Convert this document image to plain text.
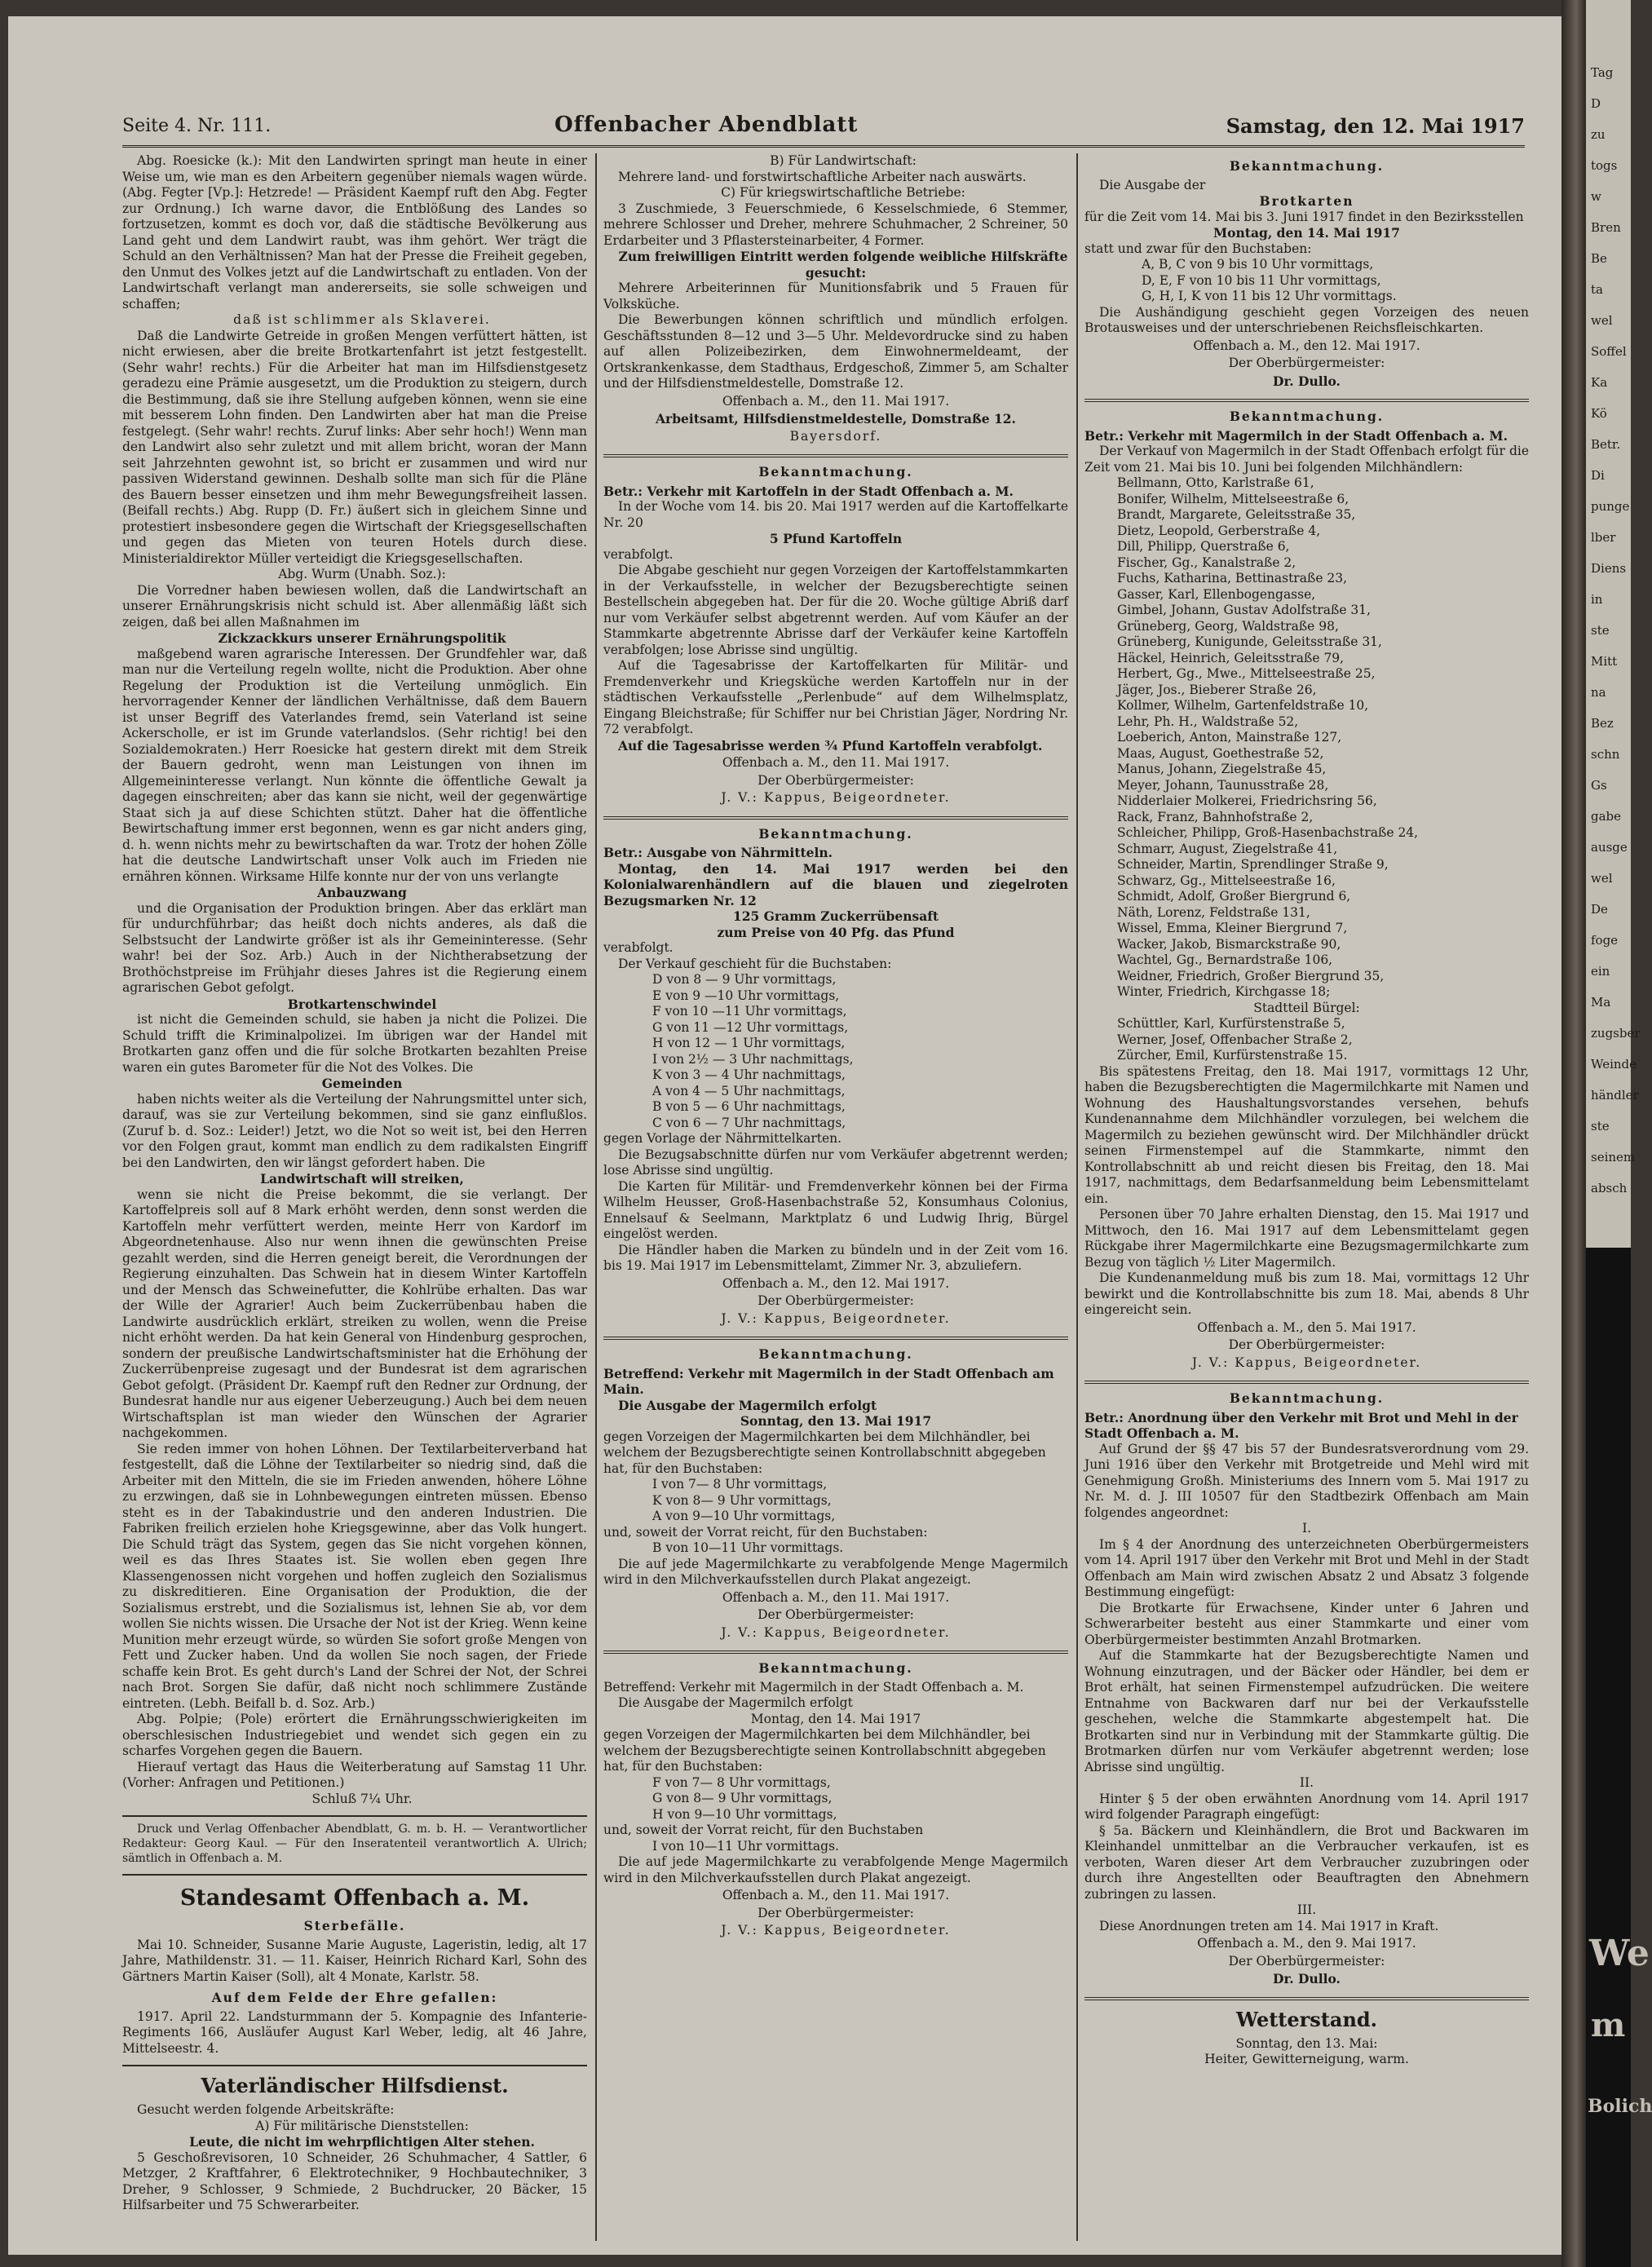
Seite 4. Nr. 111.	Offenbacher Abendblatt	Samstag, den 12. Mai 1917

Abg. Roesicke (k.): Mit den Landwirten springt man heute in einer Weise um, wie man es den Arbeitern gegenüber niemals wagen würde. (Abg. Fegter [Vp.]: Hetzrede! — Präsident Kaempf ruft den Abg. Fegter zur Ordnung.) Ich warne davor, die Entblößung des Landes so fortzusetzen, kommt es doch vor, daß die städtische Bevölkerung aus Land geht und dem Landwirt raubt, was ihm gehört. Wer trägt die Schuld an den Verhältnissen? Man hat der Presse die Freiheit gegeben, den Unmut des Volkes jetzt auf die Landwirtschaft zu entladen. Von der Landwirtschaft verlangt man andererseits, sie solle schweigen und schaffen;

daß ist schlimmer als Sklaverei.

Daß die Landwirte Getreide in großen Mengen verfüttert hätten, ist nicht erwiesen, aber die breite Brotkartenfahrt ist jetzt festgestellt. (Sehr wahr! rechts.) Für die Arbeiter hat man im Hilfsdienstgesetz geradezu eine Prämie ausgesetzt, um die Produktion zu steigern, durch die Bestimmung, daß sie ihre Stellung aufgeben können, wenn sie eine mit besserem Lohn finden. Den Landwirten aber hat man die Preise festgelegt. (Sehr wahr! rechts. Zuruf links: Aber sehr hoch!) Wenn man den Landwirt also sehr zuletzt und mit allem bricht, woran der Mann seit Jahrzehnten gewohnt ist, so bricht er zusammen und wird nur passiven Widerstand gewinnen. Deshalb sollte man sich für die Pläne des Bauern besser einsetzen und ihm mehr Bewegungsfreiheit lassen. (Beifall rechts.) Abg. Rupp (D. Fr.) äußert sich in gleichem Sinne und protestiert insbesondere gegen die Wirtschaft der Kriegsgesellschaften und gegen das Mieten von teuren Hotels durch diese. Ministerialdirektor Müller verteidigt die Kriegsgesellschaften.

Abg. Wurm (Unabh. Soz.):

Die Vorredner haben bewiesen wollen, daß die Landwirtschaft an unserer Ernährungskrisis nicht schuld ist. Aber allenmäßig läßt sich zeigen, daß bei allen Maßnahmen im

Zickzackkurs unserer Ernährungspolitik

maßgebend waren agrarische Interessen. Der Grundfehler war, daß man nur die Verteilung regeln wollte, nicht die Produktion. Aber ohne Regelung der Produktion ist die Verteilung unmöglich. Ein hervorragender Kenner der ländlichen Verhältnisse, daß dem Bauern ist unser Begriff des Vaterlandes fremd, sein Vaterland ist seine Ackerscholle, er ist im Grunde vaterlandslos. (Sehr richtig! bei den Sozialdemokraten.) Herr Roesicke hat gestern direkt mit dem Streik der Bauern gedroht, wenn man Leistungen von ihnen im Allgemeininteresse verlangt. Nun könnte die öffentliche Gewalt ja dagegen einschreiten; aber das kann sie nicht, weil der gegenwärtige Staat sich ja auf diese Schichten stützt. Daher hat die öffentliche Bewirtschaftung immer erst begonnen, wenn es gar nicht anders ging, d. h. wenn nichts mehr zu bewirtschaften da war. Trotz der hohen Zölle hat die deutsche Landwirtschaft unser Volk auch im Frieden nie ernähren können. Wirksame Hilfe konnte nur der von uns verlangte

Anbauzwang

und die Organisation der Produktion bringen. Aber das erklärt man für undurchführbar; das heißt doch nichts anderes, als daß die Selbstsucht der Landwirte größer ist als ihr Gemeininteresse. (Sehr wahr! bei der Soz. Arb.) Auch in der Nichtherabsetzung der Brothöchstpreise im Frühjahr dieses Jahres ist die Regierung einem agrarischen Gebot gefolgt.

Brotkartenschwindel

ist nicht die Gemeinden schuld, sie haben ja nicht die Polizei. Die Schuld trifft die Kriminalpolizei. Im übrigen war der Handel mit Brotkarten ganz offen und die für solche Brotkarten bezahlten Preise waren ein gutes Barometer für die Not des Volkes. Die

Gemeinden

haben nichts weiter als die Verteilung der Nahrungsmittel unter sich, darauf, was sie zur Verteilung bekommen, sind sie ganz einflußlos. (Zuruf b. d. Soz.: Leider!) Jetzt, wo die Not so weit ist, bei den Herren vor den Folgen graut, kommt man endlich zu dem radikalsten Eingriff bei den Landwirten, den wir längst gefordert haben. Die

Landwirtschaft will streiken,

wenn sie nicht die Preise bekommt, die sie verlangt. Der Kartoffelpreis soll auf 8 Mark erhöht werden, denn sonst werden die Kartoffeln mehr verfüttert werden, meinte Herr von Kardorf im Abgeordnetenhause. Also nur wenn ihnen die gewünschten Preise gezahlt werden, sind die Herren geneigt bereit, die Verordnungen der Regierung einzuhalten. Das Schwein hat in diesem Winter Kartoffeln und der Mensch das Schweinefutter, die Kohlrübe erhalten. Das war der Wille der Agrarier! Auch beim Zuckerrübenbau haben die Landwirte ausdrücklich erklärt, streiken zu wollen, wenn die Preise nicht erhöht werden. Da hat kein General von Hindenburg gesprochen, sondern der preußische Landwirtschaftsminister hat die Erhöhung der Zuckerrübenpreise zugesagt und der Bundesrat ist dem agrarischen Gebot gefolgt. (Präsident Dr. Kaempf ruft den Redner zur Ordnung, der Bundesrat handle nur aus eigener Ueberzeugung.) Auch bei dem neuen Wirtschaftsplan ist man wieder den Wünschen der Agrarier nachgekommen.

Sie reden immer von hohen Löhnen. Der Textilarbeiterverband hat festgestellt, daß die Löhne der Textilarbeiter so niedrig sind, daß die Arbeiter mit den Mitteln, die sie im Frieden anwenden, höhere Löhne zu erzwingen, daß sie in Lohnbewegungen eintreten müssen. Ebenso steht es in der Tabakindustrie und den anderen Industrien. Die Fabriken freilich erzielen hohe Kriegsgewinne, aber das Volk hungert. Die Schuld trägt das System, gegen das Sie nicht vorgehen können, weil es das Ihres Staates ist. Sie wollen eben gegen Ihre Klassengenossen nicht vorgehen und hoffen zugleich den Sozialismus zu diskreditieren. Eine Organisation der Produktion, die der Sozialismus erstrebt, und die Sozialismus ist, lehnen Sie ab, vor dem wollen Sie nichts wissen. Die Ursache der Not ist der Krieg. Wenn keine Munition mehr erzeugt würde, so würden Sie sofort große Mengen von Fett und Zucker haben. Und da wollen Sie noch sagen, der Friede schaffe kein Brot. Es geht durch's Land der Schrei der Not, der Schrei nach Brot. Sorgen Sie dafür, daß nicht noch schlimmere Zustände eintreten. (Lebh. Beifall b. d. Soz. Arb.)

Abg. Polpie; (Pole) erörtert die Ernährungsschwierigkeiten im oberschlesischen Industriegebiet und wendet sich gegen ein zu scharfes Vorgehen gegen die Bauern.

Hierauf vertagt das Haus die Weiterberatung auf Samstag 11 Uhr. (Vorher: Anfragen und Petitionen.)

Schluß 7¼ Uhr.

Druck und Verlag Offenbacher Abendblatt, G. m. b. H. — Verantwortlicher Redakteur: Georg Kaul. — Für den Inseratenteil verantwortlich A. Ulrich; sämtlich in Offenbach a. M.

Standesamt Offenbach a. M.
Sterbefälle.

Mai 10. Schneider, Susanne Marie Auguste, Lageristin, ledig, alt 17 Jahre, Mathildenstr. 31. — 11. Kaiser, Heinrich Richard Karl, Sohn des Gärtners Martin Kaiser (Soll), alt 4 Monate, Karlstr. 58.

Auf dem Felde der Ehre gefallen:

1917. April 22. Landsturmmann der 5. Kompagnie des Infanterie-Regiments 166, Ausläufer August Karl Weber, ledig, alt 46 Jahre, Mittelseestr. 4.

Vaterländischer Hilfsdienst.

Gesucht werden folgende Arbeitskräfte:

A) Für militärische Dienststellen:

Leute, die nicht im wehrpflichtigen Alter stehen.

5 Geschoßrevisoren, 10 Schneider, 26 Schuhmacher, 4 Sattler, 6 Metzger, 2 Kraftfahrer, 6 Elektrotechniker, 9 Hochbautechniker, 3 Dreher, 9 Schlosser, 9 Schmiede, 2 Buchdrucker, 20 Bäcker, 15 Hilfsarbeiter und 75 Schwerarbeiter.

B) Für Landwirtschaft:

Mehrere land- und forstwirtschaftliche Arbeiter nach auswärts.

C) Für kriegswirtschaftliche Betriebe:

3 Zuschmiede, 3 Feuerschmiede, 6 Kesselschmiede, 6 Stemmer, mehrere Schlosser und Dreher, mehrere Schuhmacher, 2 Schreiner, 50 Erdarbeiter und 3 Pflastersteinarbeiter, 4 Former.

Zum freiwilligen Eintritt werden folgende weibliche Hilfskräfte gesucht:

Mehrere Arbeiterinnen für Munitionsfabrik und 5 Frauen für Volksküche.

Die Bewerbungen können schriftlich und mündlich erfolgen. Geschäftsstunden 8—12 und 3—5 Uhr. Meldevordrucke sind zu haben auf allen Polizeibezirken, dem Einwohnermeldeamt, der Ortskrankenkasse, dem Stadthaus, Erdgeschoß, Zimmer 5, am Schalter und der Hilfsdienstmeldestelle, Domstraße 12.

Offenbach a. M., den 11. Mai 1917.

Arbeitsamt, Hilfsdienstmeldestelle, Domstraße 12.

Bayersdorf.

Bekanntmachung.

Betr.: Verkehr mit Kartoffeln in der Stadt Offenbach a. M.

In der Woche vom 14. bis 20. Mai 1917 werden auf die Kartoffelkarte Nr. 20

5 Pfund Kartoffeln

verabfolgt.

Die Abgabe geschieht nur gegen Vorzeigen der Kartoffelstammkarten in der Verkaufsstelle, in welcher der Bezugsberechtigte seinen Bestellschein abgegeben hat. Der für die 20. Woche gültige Abriß darf nur vom Verkäufer selbst abgetrennt werden. Auf vom Käufer an der Stammkarte abgetrennte Abrisse darf der Verkäufer keine Kartoffeln verabfolgen; lose Abrisse sind ungültig.

Auf die Tagesabrisse der Kartoffelkarten für Militär- und Fremdenverkehr und Kriegsküche werden Kartoffeln nur in der städtischen Verkaufsstelle „Perlenbude“ auf dem Wilhelmsplatz, Eingang Bleichstraße; für Schiffer nur bei Christian Jäger, Nordring Nr. 72 verabfolgt.

Auf die Tagesabrisse werden ¾ Pfund Kartoffeln verabfolgt.

Offenbach a. M., den 11. Mai 1917.

Der Oberbürgermeister:

J. V.: Kappus, Beigeordneter.

Bekanntmachung.

Betr.: Ausgabe von Nährmitteln.

Montag, den 14. Mai 1917 werden bei den Kolonialwarenhändlern auf die blauen und ziegelroten Bezugsmarken Nr. 12

125 Gramm Zuckerrübensaft

zum Preise von 40 Pfg. das Pfund

verabfolgt.

Der Verkauf geschieht für die Buchstaben:

D von 8 — 9 Uhr vormittags,
E von 9 —10 Uhr vormittags,
F von 10 —11 Uhr vormittags,
G von 11 —12 Uhr vormittags,
H von 12 — 1 Uhr vormittags,
I von 2½ — 3 Uhr nachmittags,
K von 3 — 4 Uhr nachmittags,
A von 4 — 5 Uhr nachmittags,
B von 5 — 6 Uhr nachmittags,
C von 6 — 7 Uhr nachmittags,

gegen Vorlage der Nährmittelkarten.

Die Bezugsabschnitte dürfen nur vom Verkäufer abgetrennt werden; lose Abrisse sind ungültig.

Die Karten für Militär- und Fremdenverkehr können bei der Firma Wilhelm Heusser, Groß-Hasenbachstraße 52, Konsumhaus Colonius, Ennelsauf & Seelmann, Marktplatz 6 und Ludwig Ihrig, Bürgel eingelöst werden.

Die Händler haben die Marken zu bündeln und in der Zeit vom 16. bis 19. Mai 1917 im Lebensmittelamt, Zimmer Nr. 3, abzuliefern.

Offenbach a. M., den 12. Mai 1917.

Der Oberbürgermeister:

J. V.: Kappus, Beigeordneter.

Bekanntmachung.

Betreffend: Verkehr mit Magermilch in der Stadt Offenbach am Main.

Die Ausgabe der Magermilch erfolgt

Sonntag, den 13. Mai 1917

gegen Vorzeigen der Magermilchkarten bei dem Milchhändler, bei welchem der Bezugsberechtigte seinen Kontrollabschnitt abgegeben hat, für den Buchstaben:

I von 7— 8 Uhr vormittags,
K von 8— 9 Uhr vormittags,
A von 9—10 Uhr vormittags,

und, soweit der Vorrat reicht, für den Buchstaben:

B von 10—11 Uhr vormittags.

Die auf jede Magermilchkarte zu verabfolgende Menge Magermilch wird in den Milchverkaufsstellen durch Plakat angezeigt.

Offenbach a. M., den 11. Mai 1917.

Der Oberbürgermeister:

J. V.: Kappus, Beigeordneter.

Bekanntmachung.

Betreffend: Verkehr mit Magermilch in der Stadt Offenbach a. M.

Die Ausgabe der Magermilch erfolgt

Montag, den 14. Mai 1917

gegen Vorzeigen der Magermilchkarten bei dem Milchhändler, bei welchem der Bezugsberechtigte seinen Kontrollabschnitt abgegeben hat, für den Buchstaben:

F von 7— 8 Uhr vormittags,
G von 8— 9 Uhr vormittags,
H von 9—10 Uhr vormittags,

und, soweit der Vorrat reicht, für den Buchstaben

I von 10—11 Uhr vormittags.

Die auf jede Magermilchkarte zu verabfolgende Menge Magermilch wird in den Milchverkaufsstellen durch Plakat angezeigt.

Offenbach a. M., den 11. Mai 1917.

Der Oberbürgermeister:

J. V.: Kappus, Beigeordneter.

Bekanntmachung.

Die Ausgabe der

Brotkarten

für die Zeit vom 14. Mai bis 3. Juni 1917 findet in den Bezirksstellen

Montag, den 14. Mai 1917

statt und zwar für den Buchstaben:

A, B, C von 9 bis 10 Uhr vormittags,
D, E, F von 10 bis 11 Uhr vormittags,
G, H, I, K von 11 bis 12 Uhr vormittags.

Die Aushändigung geschieht gegen Vorzeigen des neuen Brotausweises und der unterschriebenen Reichsfleischkarten.

Offenbach a. M., den 12. Mai 1917.

Der Oberbürgermeister:

Dr. Dullo.

Bekanntmachung.

Betr.: Verkehr mit Magermilch in der Stadt Offenbach a. M.

Der Verkauf von Magermilch in der Stadt Offenbach erfolgt für die Zeit vom 21. Mai bis 10. Juni bei folgenden Milchhändlern:

Bellmann, Otto, Karlstraße 61,
Bonifer, Wilhelm, Mittelseestraße 6,
Brandt, Margarete, Geleitsstraße 35,
Dietz, Leopold, Gerberstraße 4,
Dill, Philipp, Querstraße 6,
Fischer, Gg., Kanalstraße 2,
Fuchs, Katharina, Bettinastraße 23,
Gasser, Karl, Ellenbogengasse,
Gimbel, Johann, Gustav Adolfstraße 31,
Grüneberg, Georg, Waldstraße 98,
Grüneberg, Kunigunde, Geleitsstraße 31,
Häckel, Heinrich, Geleitsstraße 79,
Herbert, Gg., Mwe., Mittelseestraße 25,
Jäger, Jos., Bieberer Straße 26,
Kollmer, Wilhelm, Gartenfeldstraße 10,
Lehr, Ph. H., Waldstraße 52,
Loeberich, Anton, Mainstraße 127,
Maas, August, Goethestraße 52,
Manus, Johann, Ziegelstraße 45,
Meyer, Johann, Taunusstraße 28,
Nidderlaier Molkerei, Friedrichsring 56,
Rack, Franz, Bahnhofstraße 2,
Schleicher, Philipp, Groß-Hasenbachstraße 24,
Schmarr, August, Ziegelstraße 41,
Schneider, Martin, Sprendlinger Straße 9,
Schwarz, Gg., Mittelseestraße 16,
Schmidt, Adolf, Großer Biergrund 6,
Näth, Lorenz, Feldstraße 131,
Wissel, Emma, Kleiner Biergrund 7,
Wacker, Jakob, Bismarckstraße 90,
Wachtel, Gg., Bernardstraße 106,
Weidner, Friedrich, Großer Biergrund 35,
Winter, Friedrich, Kirchgasse 18;

Stadtteil Bürgel:

Schüttler, Karl, Kurfürstenstraße 5,
Werner, Josef, Offenbacher Straße 2,
Zürcher, Emil, Kurfürstenstraße 15.

Bis spätestens Freitag, den 18. Mai 1917, vormittags 12 Uhr, haben die Bezugsberechtigten die Magermilchkarte mit Namen und Wohnung des Haushaltungsvorstandes versehen, behufs Kundenannahme dem Milchhändler vorzulegen, bei welchem die Magermilch zu beziehen gewünscht wird. Der Milchhändler drückt seinen Firmenstempel auf die Stammkarte, nimmt den Kontrollabschnitt ab und reicht diesen bis Freitag, den 18. Mai 1917, nachmittags, dem Bedarfsanmeldung beim Lebensmittelamt ein.

Personen über 70 Jahre erhalten Dienstag, den 15. Mai 1917 und Mittwoch, den 16. Mai 1917 auf dem Lebensmittelamt gegen Rückgabe ihrer Magermilchkarte eine Bezugsmagermilchkarte zum Bezug von täglich ½ Liter Magermilch.

Die Kundenanmeldung muß bis zum 18. Mai, vormittags 12 Uhr bewirkt und die Kontrollabschnitte bis zum 18. Mai, abends 8 Uhr eingereicht sein.

Offenbach a. M., den 5. Mai 1917.

Der Oberbürgermeister:

J. V.: Kappus, Beigeordneter.

Bekanntmachung.

Betr.: Anordnung über den Verkehr mit Brot und Mehl in der Stadt Offenbach a. M.

Auf Grund der §§ 47 bis 57 der Bundesratsverordnung vom 29. Juni 1916 über den Verkehr mit Brotgetreide und Mehl wird mit Genehmigung Großh. Ministeriums des Innern vom 5. Mai 1917 zu Nr. M. d. J. III 10507 für den Stadtbezirk Offenbach am Main folgendes angeordnet:

I.

Im § 4 der Anordnung des unterzeichneten Oberbürgermeisters vom 14. April 1917 über den Verkehr mit Brot und Mehl in der Stadt Offenbach am Main wird zwischen Absatz 2 und Absatz 3 folgende Bestimmung eingefügt:

Die Brotkarte für Erwachsene, Kinder unter 6 Jahren und Schwerarbeiter besteht aus einer Stammkarte und einer vom Oberbürgermeister bestimmten Anzahl Brotmarken.

Auf die Stammkarte hat der Bezugsberechtigte Namen und Wohnung einzutragen, und der Bäcker oder Händler, bei dem er Brot erhält, hat seinen Firmenstempel aufzudrücken. Die weitere Entnahme von Backwaren darf nur bei der Verkaufsstelle geschehen, welche die Stammkarte abgestempelt hat. Die Brotkarten sind nur in Verbindung mit der Stammkarte gültig. Die Brotmarken dürfen nur vom Verkäufer abgetrennt werden; lose Abrisse sind ungültig.

II.

Hinter § 5 der oben erwähnten Anordnung vom 14. April 1917 wird folgender Paragraph eingefügt:

§ 5a. Bäckern und Kleinhändlern, die Brot und Backwaren im Kleinhandel unmittelbar an die Verbraucher verkaufen, ist es verboten, Waren dieser Art dem Verbraucher zuzubringen oder durch ihre Angestellten oder Beauftragten den Abnehmern zubringen zu lassen.

III.

Diese Anordnungen treten am 14. Mai 1917 in Kraft.

Offenbach a. M., den 9. Mai 1917.

Der Oberbürgermeister:

Dr. Dullo.

Wetterstand.

Sonntag, den 13. Mai:

Heiter, Gewitterneigung, warm.

Tag
D
zu
togs
w
Bren
Be
ta
wel
Soffel
Ka
Kö
Betr.
Di
punge
lber
Diens
in
ste
Mitt
na
Bez
schn
Gs
gabe
ausge
wel
De
foge
ein
Ma
zugsber
Weinde
händler
ste
seinem
absch
We
m
Bolich
